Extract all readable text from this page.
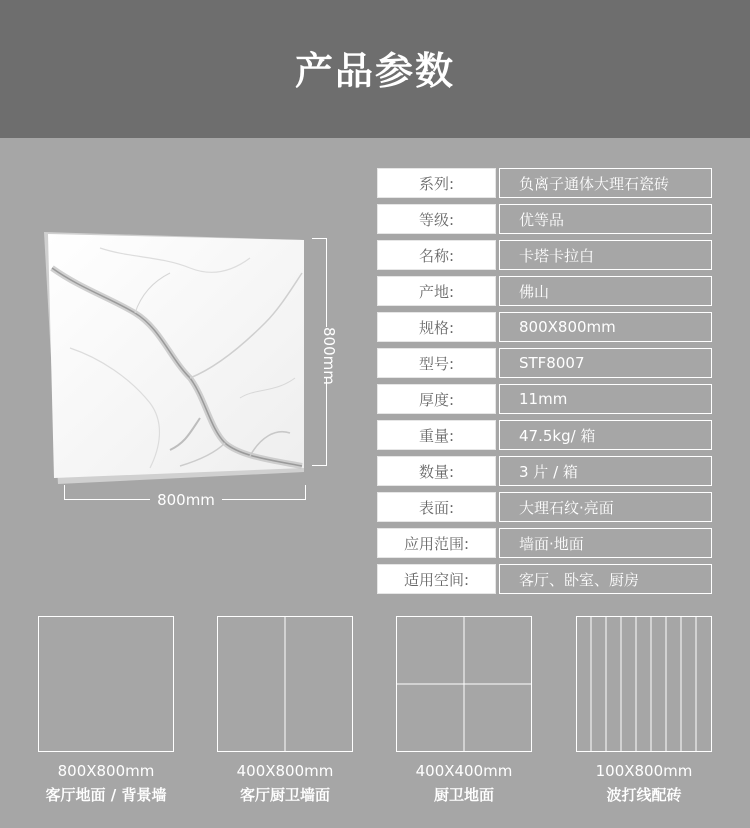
产品参数
800mm
800mm
系列:	负离子通体大理石瓷砖
等级:	优等品
名称:	卡塔卡拉白
产地:	佛山
规格:	800X800mm
型号:	STF8007
厚度:	11mm
重量:	47.5kg/ 箱
数量:	3 片 / 箱
表面:	大理石纹·亮面
应用范围:	墙面·地面
适用空间:	客厅、卧室、厨房
800X800mm
客厅地面 / 背景墙
400X800mm
客厅厨卫墙面
400X400mm
厨卫地面
100X800mm
波打线配砖
